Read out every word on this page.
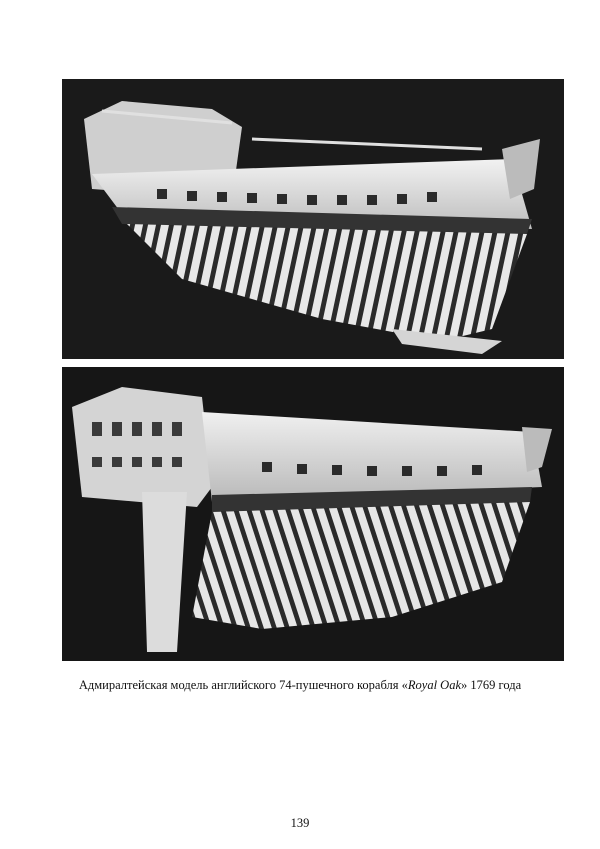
Адмиралтейская модель английского 74-пушечного корабля «Royal Oak» 1769 года
139
